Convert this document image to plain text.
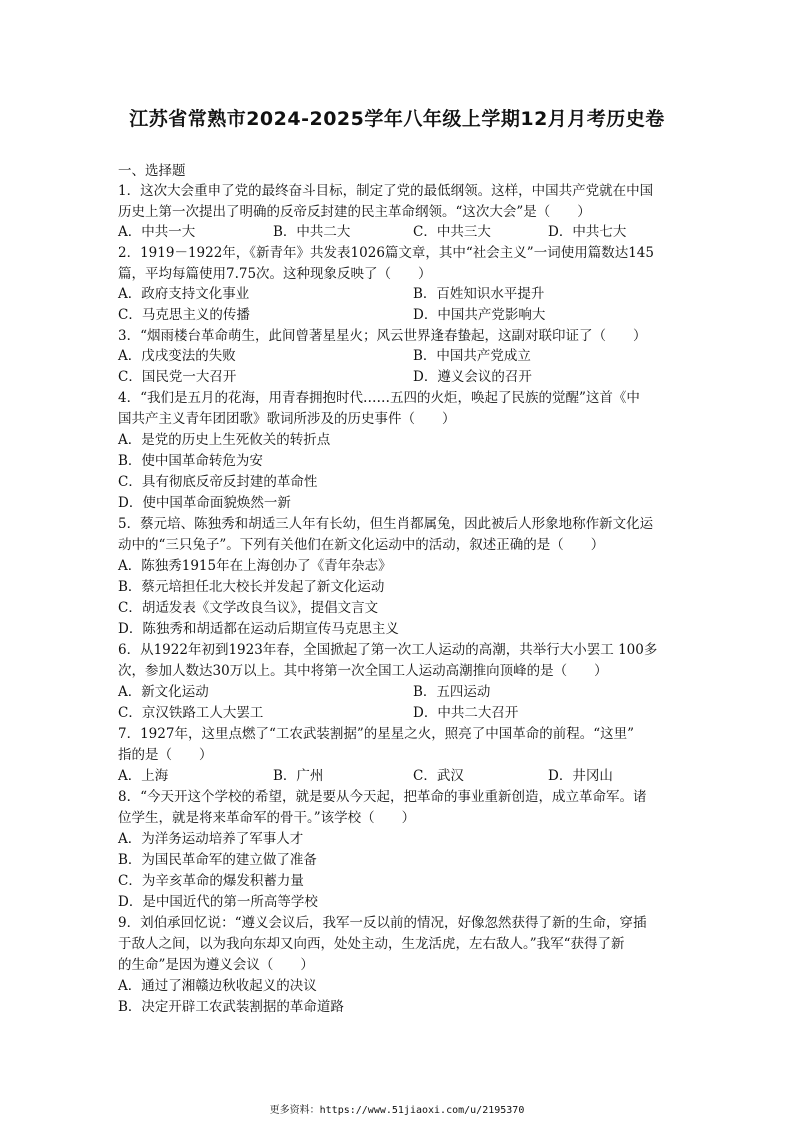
江苏省常熟市2024-2025学年八年级上学期12月月考历史卷
一、选择题
1．这次大会重申了党的最终奋斗目标，制定了党的最低纲领。这样，中国共产党就在中国
历史上第一次提出了明确的反帝反封建的民主革命纲领。“这次大会”是（　　）
A．中共一大	B．中共二大	C．中共三大	D．中共七大
2．1919－1922年，《新青年》共发表1026篇文章，其中“社会主义”一词使用篇数达145
篇，平均每篇使用7.75次。这种现象反映了（　　）
A．政府支持文化事业	B．百姓知识水平提升
C．马克思主义的传播	D．中国共产党影响大
3．“烟雨楼台革命萌生，此间曾著星星火；风云世界逢春蛰起，这副对联印证了（　　）
A．戊戌变法的失败	B．中国共产党成立
C．国民党一大召开	D．遵义会议的召开
4．“我们是五月的花海，用青春拥抱时代……五四的火炬，唤起了民族的觉醒”这首《中
国共产主义青年团团歌》歌词所涉及的历史事件（　　）
A．是党的历史上生死攸关的转折点
B．使中国革命转危为安
C．具有彻底反帝反封建的革命性
D．使中国革命面貌焕然一新
5．蔡元培、陈独秀和胡适三人年有长幼，但生肖都属兔，因此被后人形象地称作新文化运
动中的“三只兔子”。下列有关他们在新文化运动中的活动，叙述正确的是（　　）
A．陈独秀1915年在上海创办了《青年杂志》
B．蔡元培担任北大校长并发起了新文化运动
C．胡适发表《文学改良刍议》，提倡文言文
D．陈独秀和胡适都在运动后期宣传马克思主义
6．从1922年初到1923年春，全国掀起了第一次工人运动的高潮，共举行大小罢工 100多
次，参加人数达30万以上。其中将第一次全国工人运动高潮推向顶峰的是（　　）
A．新文化运动	B．五四运动
C．京汉铁路工人大罢工	D．中共二大召开
7．1927年，这里点燃了“工农武装割据”的星星之火，照亮了中国革命的前程。“这里”
指的是（　　）
A．上海	B．广州	C．武汉	D．井冈山
8．“今天开这个学校的希望，就是要从今天起，把革命的事业重新创造，成立革命军。诸
位学生，就是将来革命军的骨干。”该学校（　　）
A．为洋务运动培养了军事人才
B．为国民革命军的建立做了准备
C．为辛亥革命的爆发积蓄力量
D．是中国近代的第一所高等学校
9．刘伯承回忆说：“遵义会议后，我军一反以前的情况，好像忽然获得了新的生命，穿插
于敌人之间，以为我向东却又向西，处处主动，生龙活虎，左右敌人。”我军“获得了新
的生命”是因为遵义会议（　　）
A．通过了湘赣边秋收起义的决议
B．决定开辟工农武装割据的革命道路
更多资料：https://www.51jiaoxi.com/u/2195370
